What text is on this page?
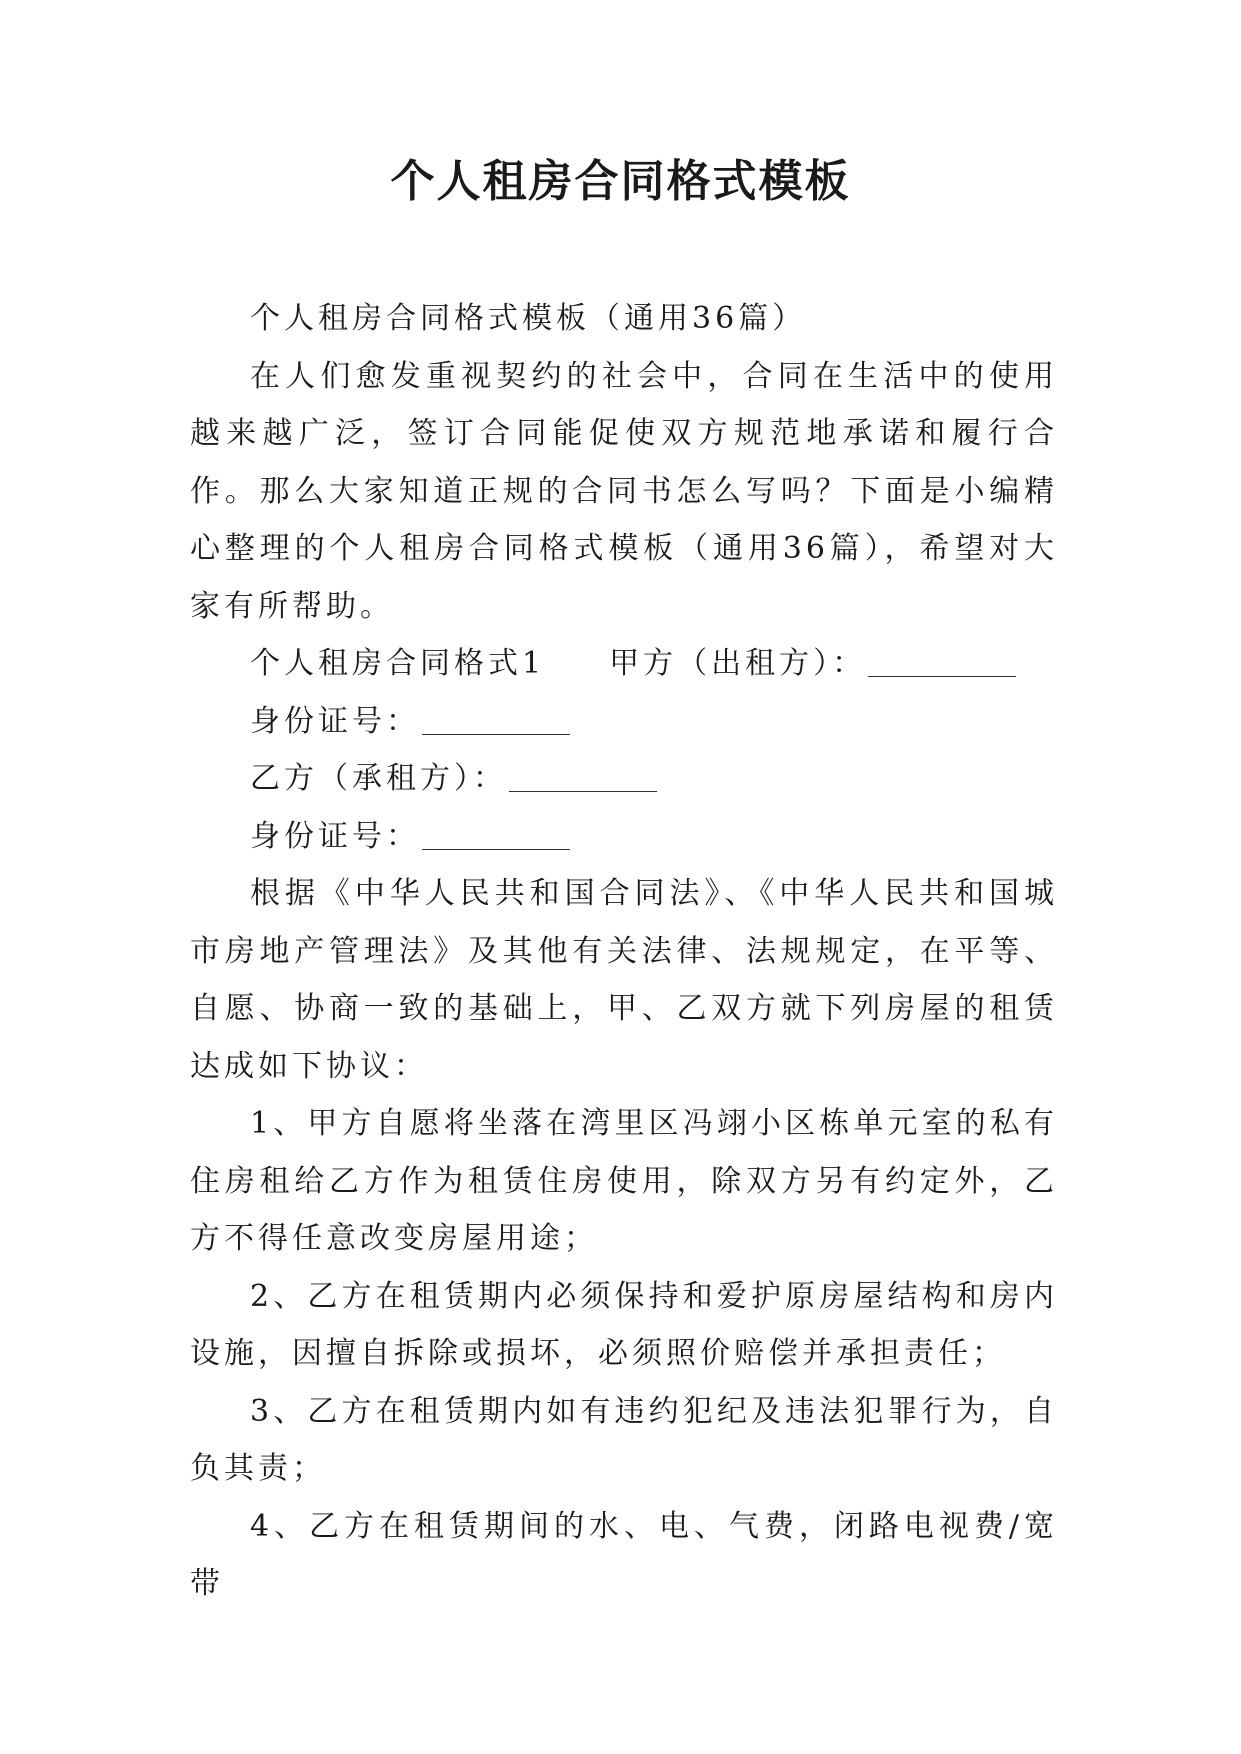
个人租房合同格式模板

个人租房合同格式模板（通用36篇）

在人们愈发重视契约的社会中，合同在生活中的使用越来越广泛，签订合同能促使双方规范地承诺和履行合作。那么大家知道正规的合同书怎么写吗？下面是小编精心整理的个人租房合同格式模板（通用36篇），希望对大家有所帮助。

个人租房合同格式1 甲方（出租方）：

身份证号：

乙方（承租方）：

身份证号：

根据《中华人民共和国合同法》、《中华人民共和国城市房地产管理法》及其他有关法律、法规规定，在平等、自愿、协商一致的基础上，甲、乙双方就下列房屋的租赁达成如下协议：

1、甲方自愿将坐落在湾里区冯翊小区栋单元室的私有住房租给乙方作为租赁住房使用，除双方另有约定外，乙方不得任意改变房屋用途；

2、乙方在租赁期内必须保持和爱护原房屋结构和房内设施，因擅自拆除或损坏，必须照价赔偿并承担责任；

3、乙方在租赁期内如有违约犯纪及违法犯罪行为，自负其责；

4、乙方在租赁期间的水、电、气费，闭路电视费/宽带
